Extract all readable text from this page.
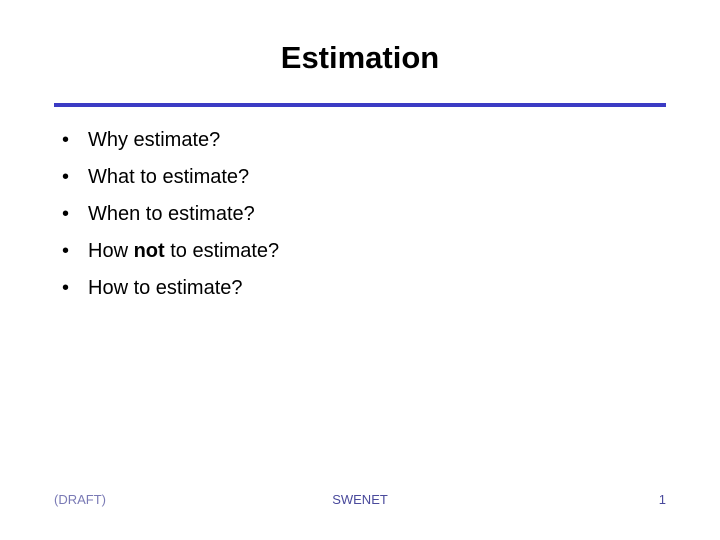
Estimation
• Why estimate?
• What to estimate?
• When to estimate?
• How not to estimate?
• How to estimate?
(DRAFT)	SWENET	1
